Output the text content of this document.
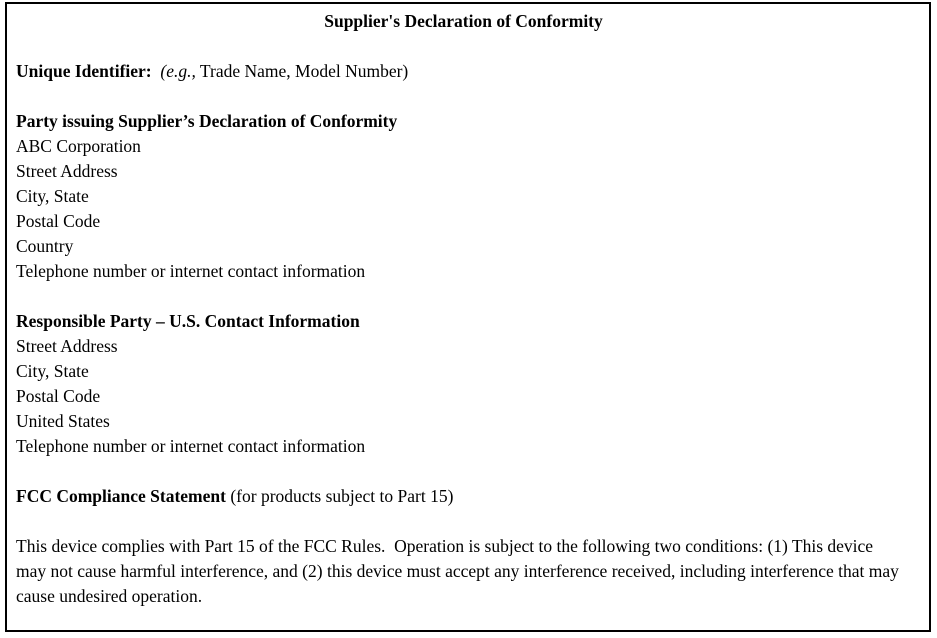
Supplier's Declaration of Conformity
Unique Identifier: (e.g., Trade Name, Model Number)
Party issuing Supplier’s Declaration of Conformity
ABC Corporation
Street Address
City, State
Postal Code
Country
Telephone number or internet contact information
Responsible Party – U.S. Contact Information
Street Address
City, State
Postal Code
United States
Telephone number or internet contact information
FCC Compliance Statement (for products subject to Part 15)
This device complies with Part 15 of the FCC Rules.  Operation is subject to the following two conditions: (1) This device may not cause harmful interference, and (2) this device must accept any interference received, including interference that may cause undesired operation.
